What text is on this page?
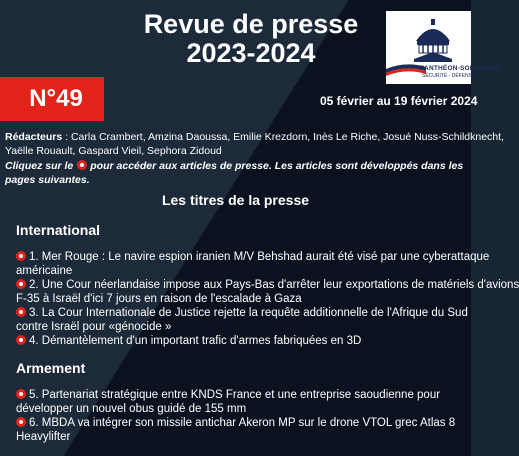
Revue de presse
2023-2024
PANTHÉON-SORBONNE
SÉCURITÉ - DÉFENSE
N°49	05 février au 19 février 2024
Rédacteurs : Carla Crambert, Amzina Daoussa, Emilie Krezdorn, Inès Le Riche, Josué Nuss-Schildknecht,
Yaëlle Rouault, Gaspard Vieil, Sephora Zidoud
Cliquez sur le pour accéder aux articles de presse. Les articles sont développés dans les pages suivantes.
Les titres de la presse
International

1. Mer Rouge : Le navire espion iranien M/V Behshad aurait été visé par une cyberattaque

américaine

2. Une Cour néerlandaise impose aux Pays-Bas d'arrêter leur exportations de matériels d'avions

F-35 à Israël d'ici 7 jours en raison de l'escalade à Gaza

3. La Cour Internationale de Justice rejette la requête additionnelle de l'Afrique du Sud

contre Israël pour «génocide »

4. Démantèlement d'un important trafic d'armes fabriquées en 3D

Armement

5. Partenariat stratégique entre KNDS France et une entreprise saoudienne pour

développer un nouvel obus guidé de 155 mm

6. MBDA va intégrer son missile antichar Akeron MP sur le drone VTOL grec Atlas 8

Heavylifter
